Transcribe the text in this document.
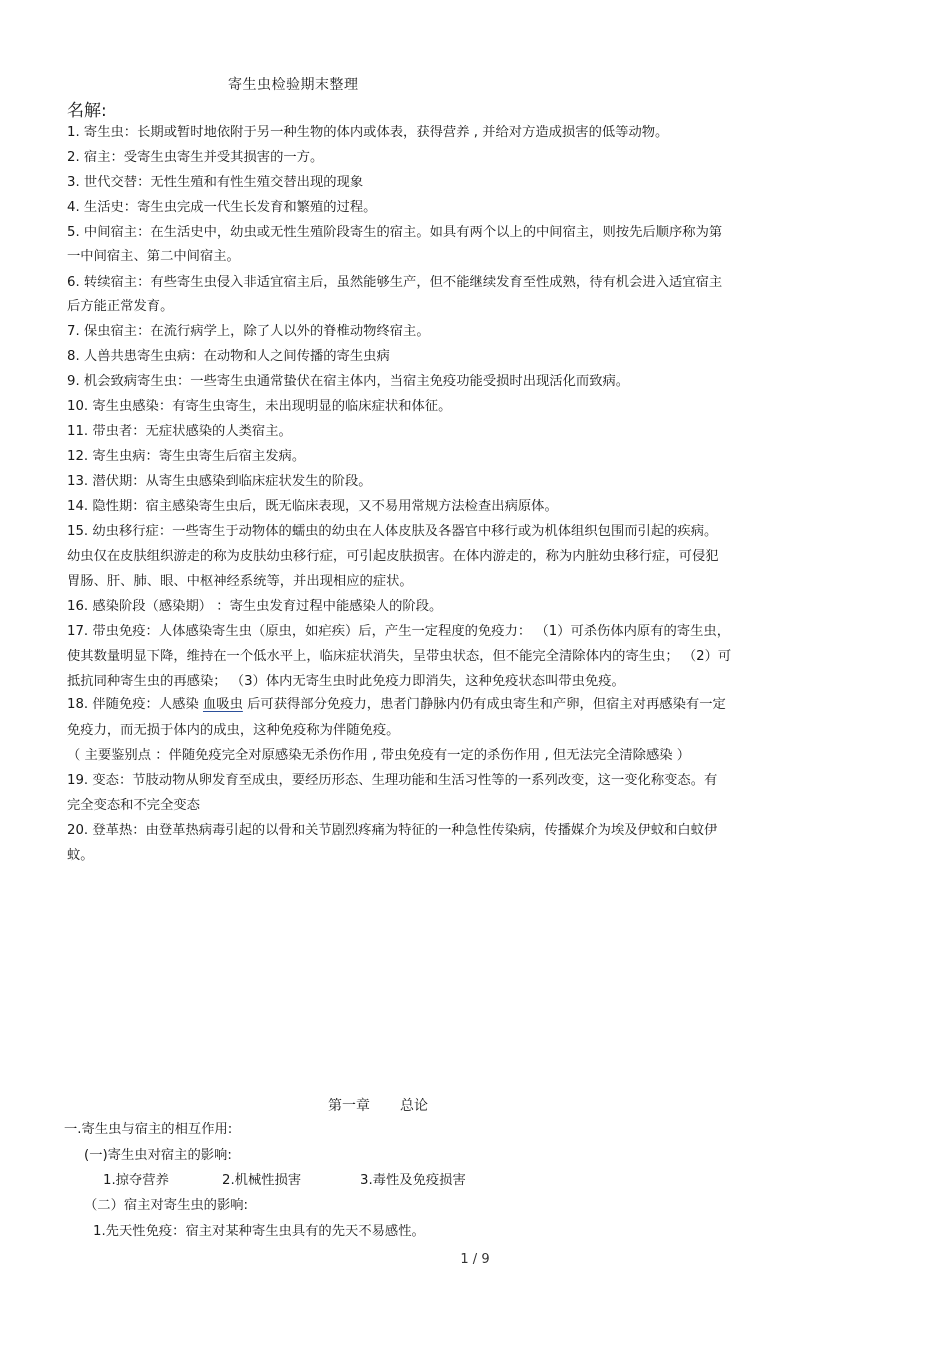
寄生虫检验期末整理
名解:
1. 寄生虫：长期或暂时地依附于另一种生物的体内或体表，获得营养 , 并给对方造成损害的低等动物。
2. 宿主：受寄生虫寄生并受其损害的一方。
3. 世代交替：无性生殖和有性生殖交替出现的现象
4. 生活史：寄生虫完成一代生长发育和繁殖的过程。
5. 中间宿主：在生活史中，幼虫或无性生殖阶段寄生的宿主。如具有两个以上的中间宿主，则按先后顺序称为第
一中间宿主、第二中间宿主。
6. 转续宿主：有些寄生虫侵入非适宜宿主后，虽然能够生产，但不能继续发育至性成熟，待有机会进入适宜宿主
后方能正常发育。
7. 保虫宿主：在流行病学上，除了人以外的脊椎动物终宿主。
8. 人兽共患寄生虫病：在动物和人之间传播的寄生虫病
9. 机会致病寄生虫：一些寄生虫通常蛰伏在宿主体内，当宿主免疫功能受损时出现活化而致病。
10. 寄生虫感染：有寄生虫寄生，未出现明显的临床症状和体征。
11. 带虫者：无症状感染的人类宿主。
12. 寄生虫病：寄生虫寄生后宿主发病。
13. 潜伏期：从寄生虫感染到临床症状发生的阶段。
14. 隐性期：宿主感染寄生虫后，既无临床表现，又不易用常规方法检查出病原体。
15. 幼虫移行症：一些寄生于动物体的蠕虫的幼虫在人体皮肤及各器官中移行或为机体组织包围而引起的疾病。
幼虫仅在皮肤组织游走的称为皮肤幼虫移行症，可引起皮肤损害。在体内游走的，称为内脏幼虫移行症，可侵犯
胃肠、肝、肺、眼、中枢神经系统等，并出现相应的症状。
16. 感染阶段（感染期） ：寄生虫发育过程中能感染人的阶段。
17. 带虫免疫：人体感染寄生虫（原虫，如疟疾）后，产生一定程度的免疫力： （1）可杀伤体内原有的寄生虫，
使其数量明显下降，维持在一个低水平上，临床症状消失，呈带虫状态，但不能完全清除体内的寄生虫； （2）可
抵抗同种寄生虫的再感染； （3）体内无寄生虫时此免疫力即消失，这种免疫状态叫带虫免疫。
18. 伴随免疫：人感染 血吸虫 后可获得部分免疫力，患者门静脉内仍有成虫寄生和产卵，但宿主对再感染有一定
免疫力，而无损于体内的成虫，这种免疫称为伴随免疫。
（ 主要鉴别点 ：伴随免疫完全对原感染无杀伤作用 , 带虫免疫有一定的杀伤作用 , 但无法完全清除感染 ）
19. 变态：节肢动物从卵发育至成虫，要经历形态、生理功能和生活习性等的一系列改变，这一变化称变态。有
完全变态和不完全变态
20. 登革热：由登革热病毒引起的以骨和关节剧烈疼痛为特征的一种急性传染病，传播媒介为埃及伊蚊和白蚊伊
蚊。
第一章 总论
一.寄生虫与宿主的相互作用:
(一)寄生虫对宿主的影响:
1.掠夺营养	2.机械性损害	3.毒性及免疫损害
（二）宿主对寄生虫的影响:
1.先天性免疫：宿主对某种寄生虫具有的先天不易感性。
1 / 9
